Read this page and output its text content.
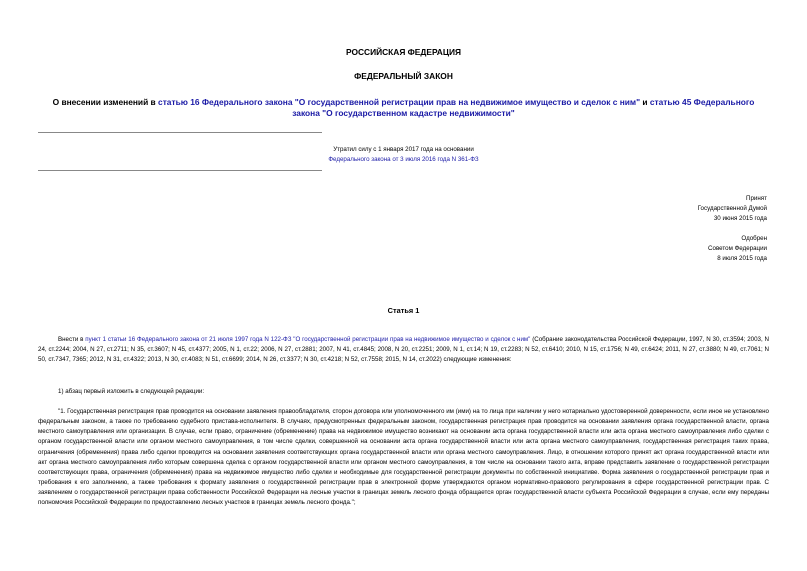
РОССИЙСКАЯ ФЕДЕРАЦИЯ
ФЕДЕРАЛЬНЫЙ ЗАКОН
О внесении изменений в статью 16 Федерального закона "О государственной регистрации прав на недвижимое имущество и сделок с ним" и статью 45 Федерального закона "О государственном кадастре недвижимости"
Утратил силу с 1 января 2017 года на основании
Федерального закона от 3 июля 2016 года N 361-ФЗ
Принят
Государственной Думой
30 июня 2015 года
Одобрен
Советом Федерации
8 июля 2015 года
Статья 1
Внести в пункт 1 статьи 16 Федерального закона от 21 июля 1997 года N 122-ФЗ "О государственной регистрации прав на недвижимое имущество и сделок с ним" (Собрание законодательства Российской Федерации, 1997, N 30, ст.3594; 2003, N 24, ст.2244; 2004, N 27, ст.2711; N 35, ст.3607; N 45, ст.4377; 2005, N 1, ст.22; 2006, N 27, ст.2881; 2007, N 41, ст.4845; 2008, N 20, ст.2251; 2009, N 1, ст.14; N 19, ст.2283; N 52, ст.6410; 2010, N 15, ст.1756; N 49, ст.6424; 2011, N 27, ст.3880; N 49, ст.7061; N 50, ст.7347, 7365; 2012, N 31, ст.4322; 2013, N 30, ст.4083; N 51, ст.6699; 2014, N 26, ст.3377; N 30, ст.4218; N 52, ст.7558; 2015, N 14, ст.2022) следующие изменения:
1) абзац первый изложить в следующей редакции:
"1. Государственная регистрация прав проводится на основании заявления правообладателя, сторон договора или уполномоченного им (ими) на то лица при наличии у него нотариально удостоверенной доверенности, если иное не установлено федеральным законом, а также по требованию судебного пристава-исполнителя. В случаях, предусмотренных федеральным законом, государственная регистрация прав проводится на основании заявления органа государственной власти, органа местного самоуправления или организации. В случае, если право, ограничение (обременение) права на недвижимое имущество возникают на основании акта органа государственной власти или акта органа местного самоуправления либо сделки с органом государственной власти или органом местного самоуправления, в том числе сделки, совершенной на основании акта органа государственной власти или акта органа местного самоуправления, государственная регистрация таких права, ограничения (обременения) права либо сделки проводится на основании заявления соответствующих органа государственной власти или органа местного самоуправления. Лицо, в отношении которого принят акт органа государственной власти или акт органа местного самоуправления либо которым совершена сделка с органом государственной власти или органом местного самоуправления, в том числе на основании такого акта, вправе представить заявление о государственной регистрации соответствующих права, ограничения (обременения) права на недвижимое имущество либо сделки и необходимые для государственной регистрации документы по собственной инициативе. Форма заявления о государственной регистрации прав и требования к его заполнению, а также требования к формату заявления о государственной регистрации прав в электронной форме утверждаются органом нормативно-правового регулирования в сфере государственной регистрации прав. С заявлением о государственной регистрации права собственности Российской Федерации на лесные участки в границах земель лесного фонда обращается орган государственной власти субъекта Российской Федерации в случае, если ему переданы полномочия Российской Федерации по предоставлению лесных участков в границах земель лесного фонда.";
